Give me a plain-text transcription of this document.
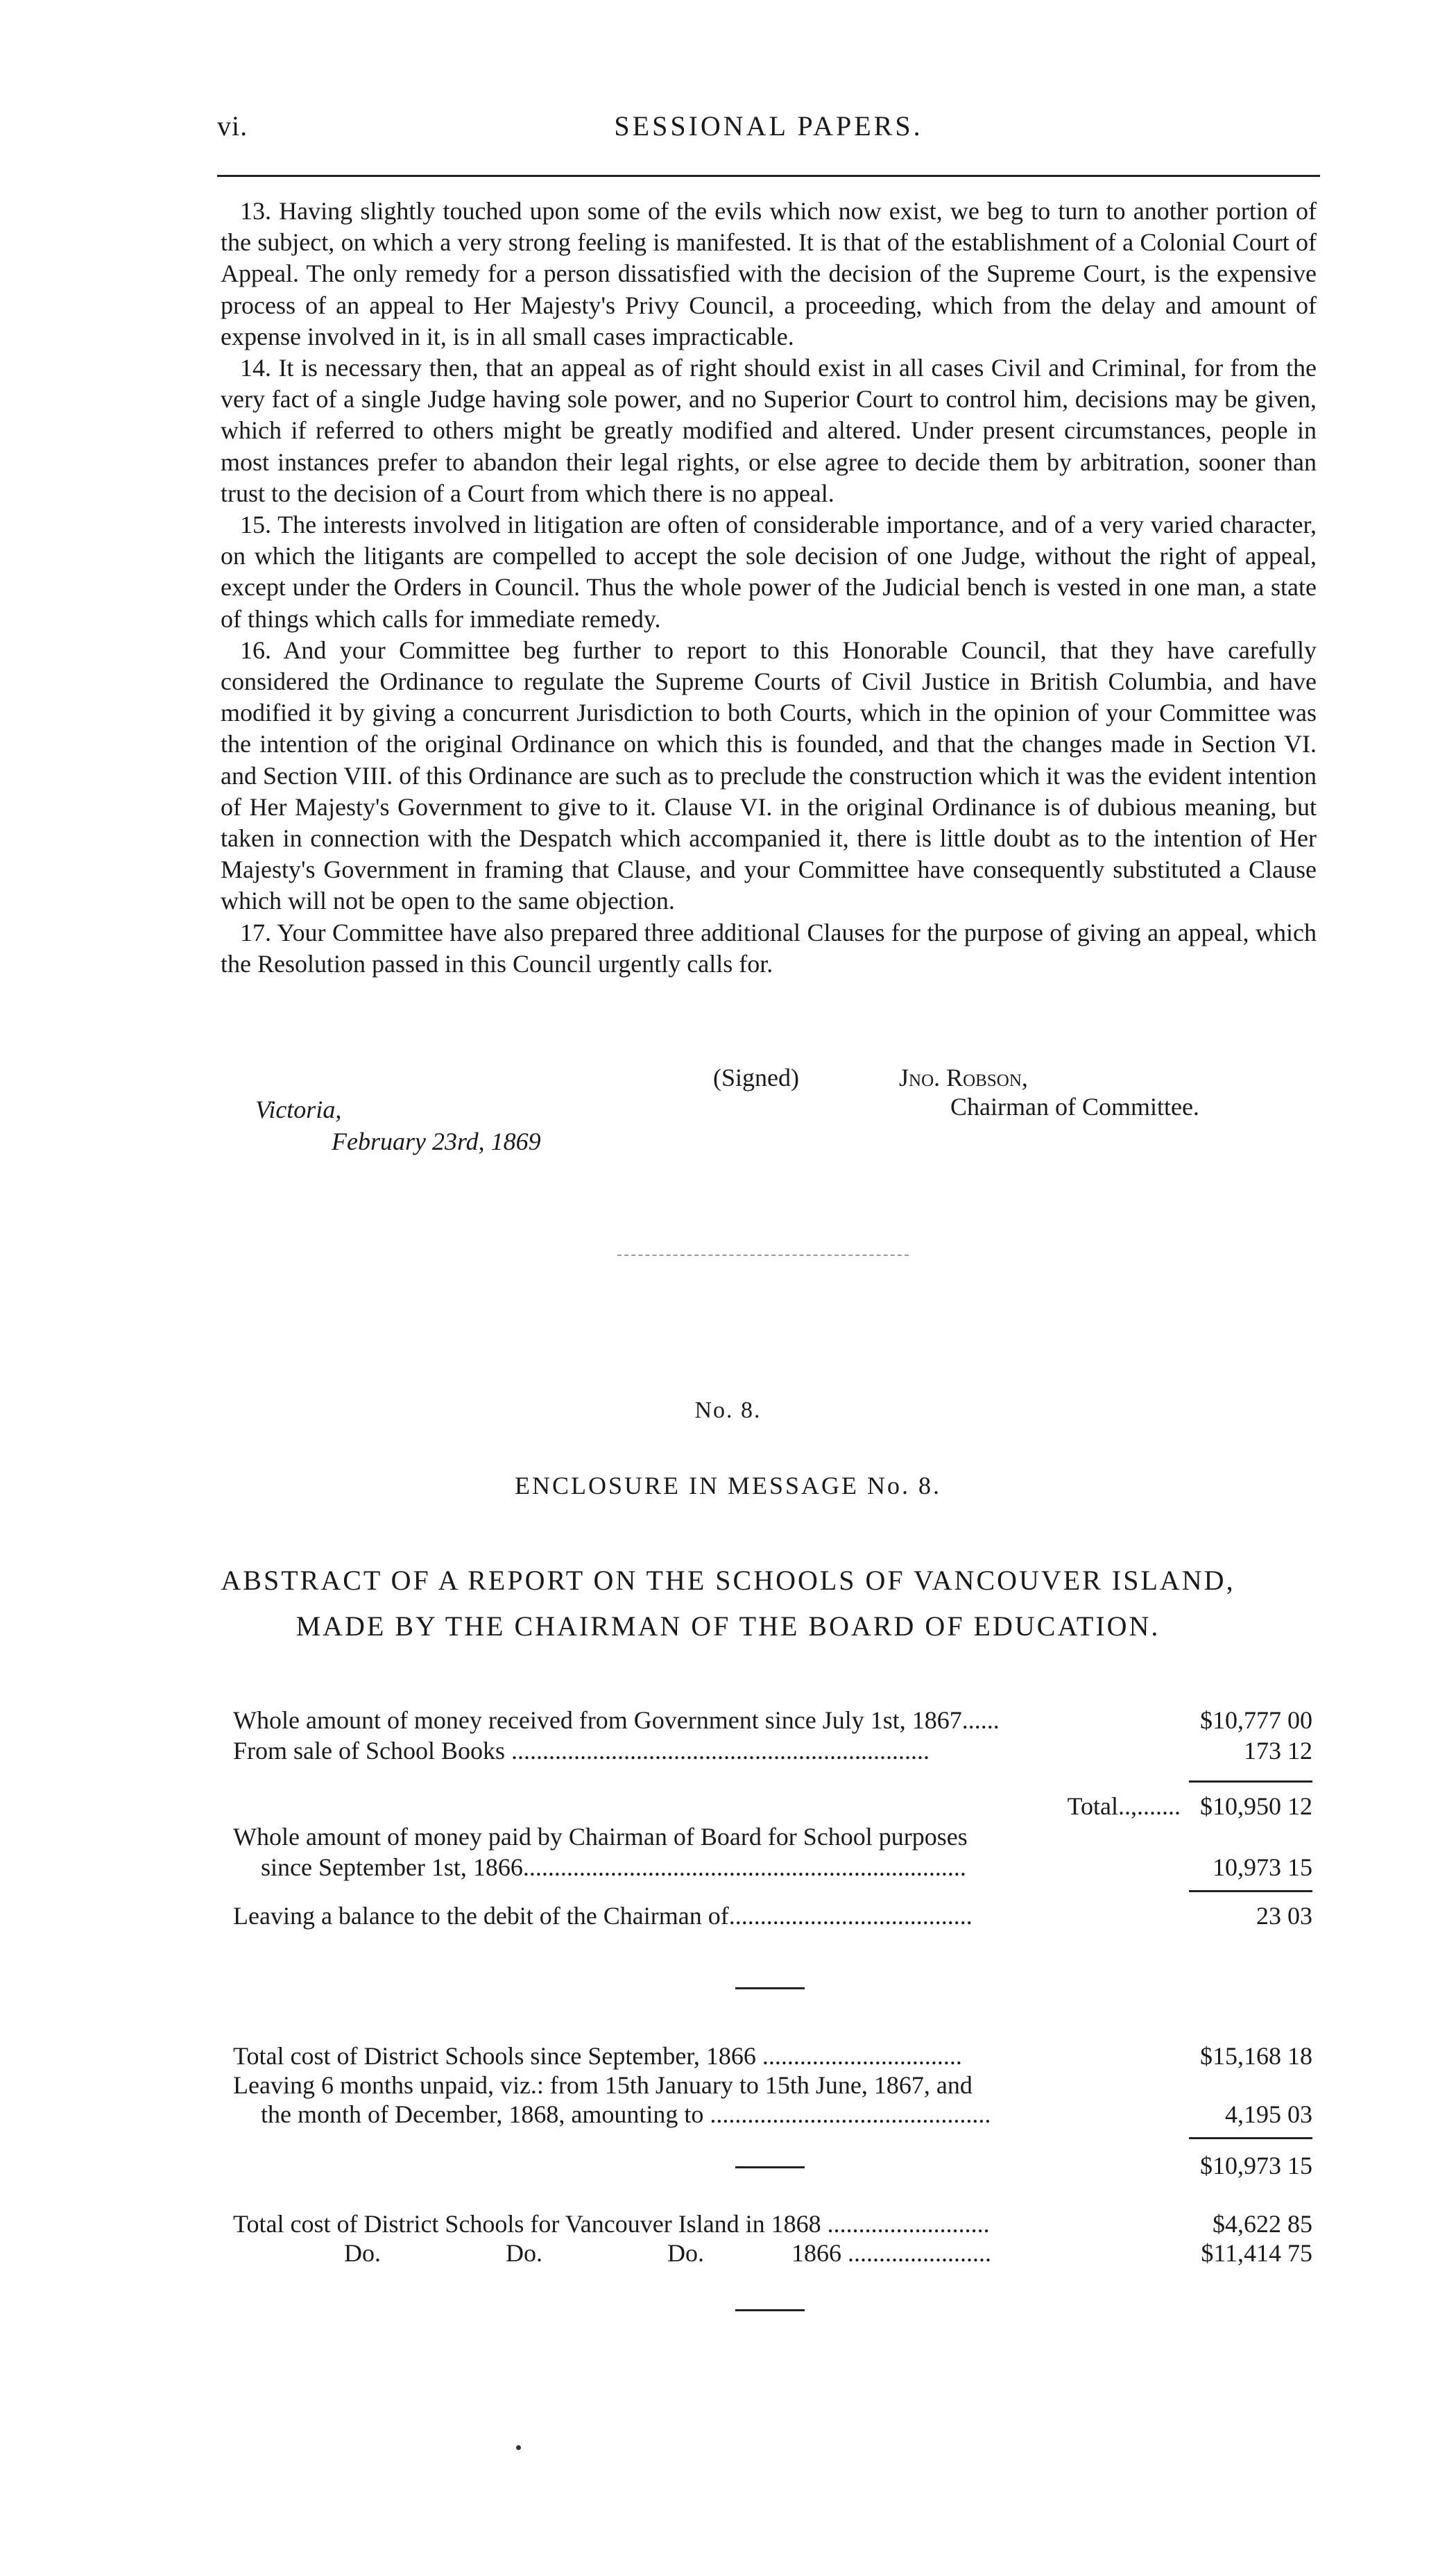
vi.	SESSIONAL PAPERS.

13. Having slightly touched upon some of the evils which now exist, we beg to turn to another portion of the subject, on which a very strong feeling is manifested. It is that of the establishment of a Colonial Court of Appeal. The only remedy for a person dissatisfied with the decision of the Supreme Court, is the expensive process of an appeal to Her Majesty's Privy Council, a proceeding, which from the delay and amount of expense involved in it, is in all small cases impracticable.

14. It is necessary then, that an appeal as of right should exist in all cases Civil and Criminal, for from the very fact of a single Judge having sole power, and no Superior Court to control him, decisions may be given, which if referred to others might be greatly modified and altered. Under present circumstances, people in most instances prefer to abandon their legal rights, or else agree to decide them by arbitration, sooner than trust to the decision of a Court from which there is no appeal.

15. The interests involved in litigation are often of considerable importance, and of a very varied character, on which the litigants are compelled to accept the sole decision of one Judge, without the right of appeal, except under the Orders in Council. Thus the whole power of the Judicial bench is vested in one man, a state of things which calls for immediate remedy.

16. And your Committee beg further to report to this Honorable Council, that they have carefully considered the Ordinance to regulate the Supreme Courts of Civil Justice in British Columbia, and have modified it by giving a concurrent Jurisdiction to both Courts, which in the opinion of your Committee was the intention of the original Ordinance on which this is founded, and that the changes made in Section VI. and Section VIII. of this Ordinance are such as to preclude the construction which it was the evident intention of Her Majesty's Government to give to it. Clause VI. in the original Ordinance is of dubious meaning, but taken in connection with the Despatch which accompanied it, there is little doubt as to the intention of Her Majesty's Government in framing that Clause, and your Committee have consequently substituted a Clause which will not be open to the same objection.

17. Your Committee have also prepared three additional Clauses for the purpose of giving an appeal, which the Resolution passed in this Council urgently calls for.

(Signed)	Jno. Robson,
Chairman of Committee.
Victoria,
February 23rd, 1869
No. 8.
ENCLOSURE IN MESSAGE No. 8.
ABSTRACT OF A REPORT ON THE SCHOOLS OF VANCOUVER ISLAND,
MADE BY THE CHAIRMAN OF THE BOARD OF EDUCATION.
Whole amount of money received from Government since July 1st, 1867......	$10,777 00
From sale of School Books ...................................................................	173 12
Total..,....... $10,950 12
Whole amount of money paid by Chairman of Board for School purposes
since September 1st, 1866.......................................................................	10,973 15
Leaving a balance to the debit of the Chairman of.......................................	23 03
Total cost of District Schools since September, 1866 ................................	$15,168 18
Leaving 6 months unpaid, viz.: from 15th January to 15th June, 1867, and
the month of December, 1868, amounting to .............................................	4,195 03
$10,973 15
Total cost of District Schools for Vancouver Island in 1868 ..........................	$4,622 85
Do.                    Do.                    Do.              1866 .......................	$11,414 75
